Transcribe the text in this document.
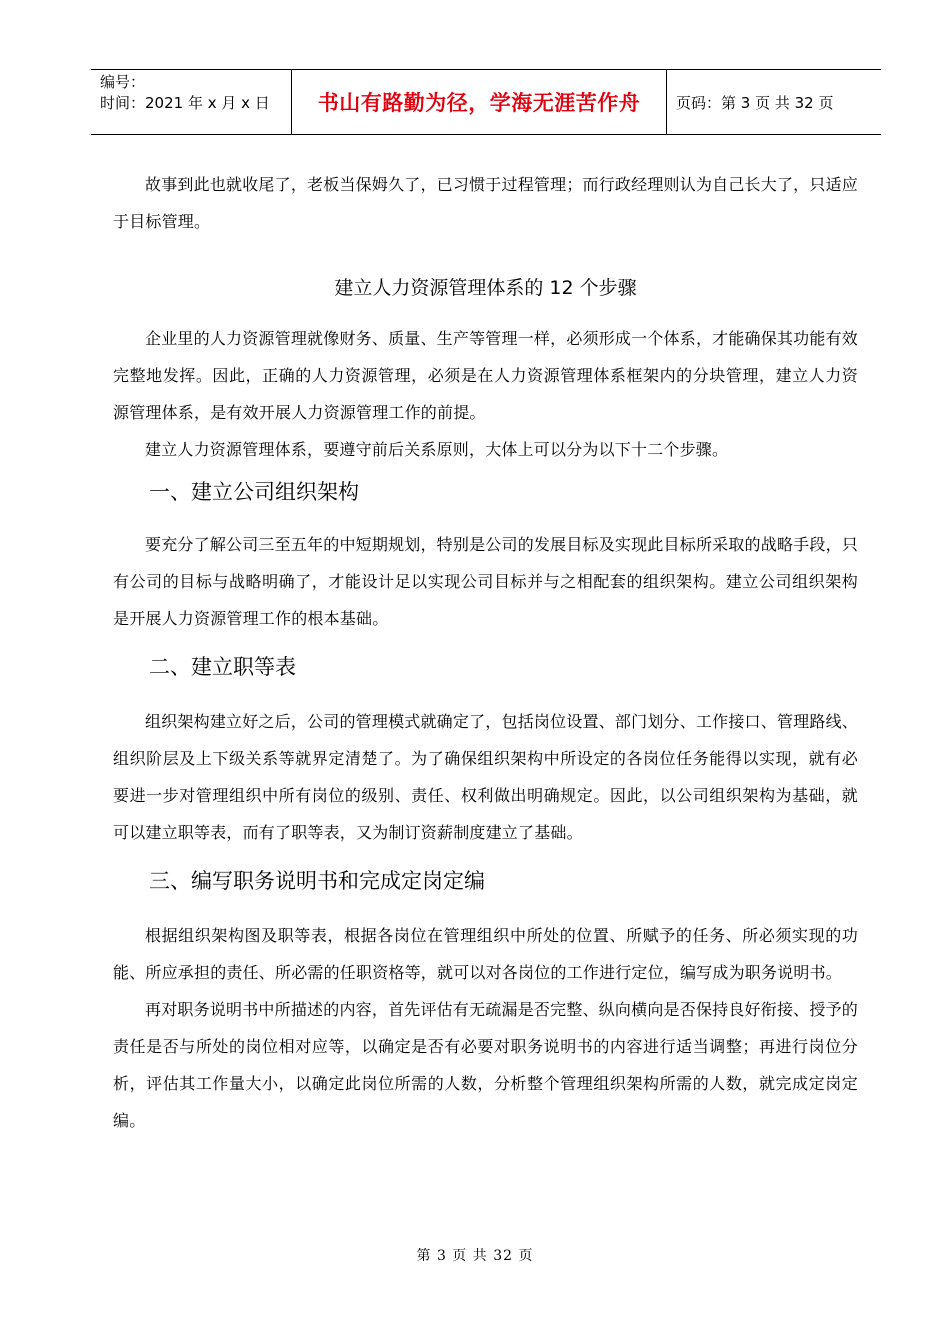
编号：
时间：2021 年 x 月 x 日	书山有路勤为径，学海无涯苦作舟	页码：第 3 页 共 32 页

故事到此也就收尾了，老板当保姆久了，已习惯于过程管理；而行政经理则认为自己长大了，只适应于目标管理。

建立人力资源管理体系的 12 个步骤

企业里的人力资源管理就像财务、质量、生产等管理一样，必须形成一个体系，才能确保其功能有效完整地发挥。因此，正确的人力资源管理，必须是在人力资源管理体系框架内的分块管理，建立人力资源管理体系，是有效开展人力资源管理工作的前提。

建立人力资源管理体系，要遵守前后关系原则，大体上可以分为以下十二个步骤。

一、建立公司组织架构

要充分了解公司三至五年的中短期规划，特别是公司的发展目标及实现此目标所采取的战略手段，只有公司的目标与战略明确了，才能设计足以实现公司目标并与之相配套的组织架构。建立公司组织架构是开展人力资源管理工作的根本基础。

二、建立职等表

组织架构建立好之后，公司的管理模式就确定了，包括岗位设置、部门划分、工作接口、管理路线、组织阶层及上下级关系等就界定清楚了。为了确保组织架构中所设定的各岗位任务能得以实现，就有必要进一步对管理组织中所有岗位的级别、责任、权利做出明确规定。因此，以公司组织架构为基础，就可以建立职等表，而有了职等表，又为制订资薪制度建立了基础。

三、编写职务说明书和完成定岗定编

根据组织架构图及职等表，根据各岗位在管理组织中所处的位置、所赋予的任务、所必须实现的功能、所应承担的责任、所必需的任职资格等，就可以对各岗位的工作进行定位，编写成为职务说明书。

再对职务说明书中所描述的内容，首先评估有无疏漏是否完整、纵向横向是否保持良好衔接、授予的责任是否与所处的岗位相对应等，以确定是否有必要对职务说明书的内容进行适当调整；再进行岗位分析，评估其工作量大小，以确定此岗位所需的人数，分析整个管理组织架构所需的人数，就完成定岗定编。

第 3 页 共 32 页
